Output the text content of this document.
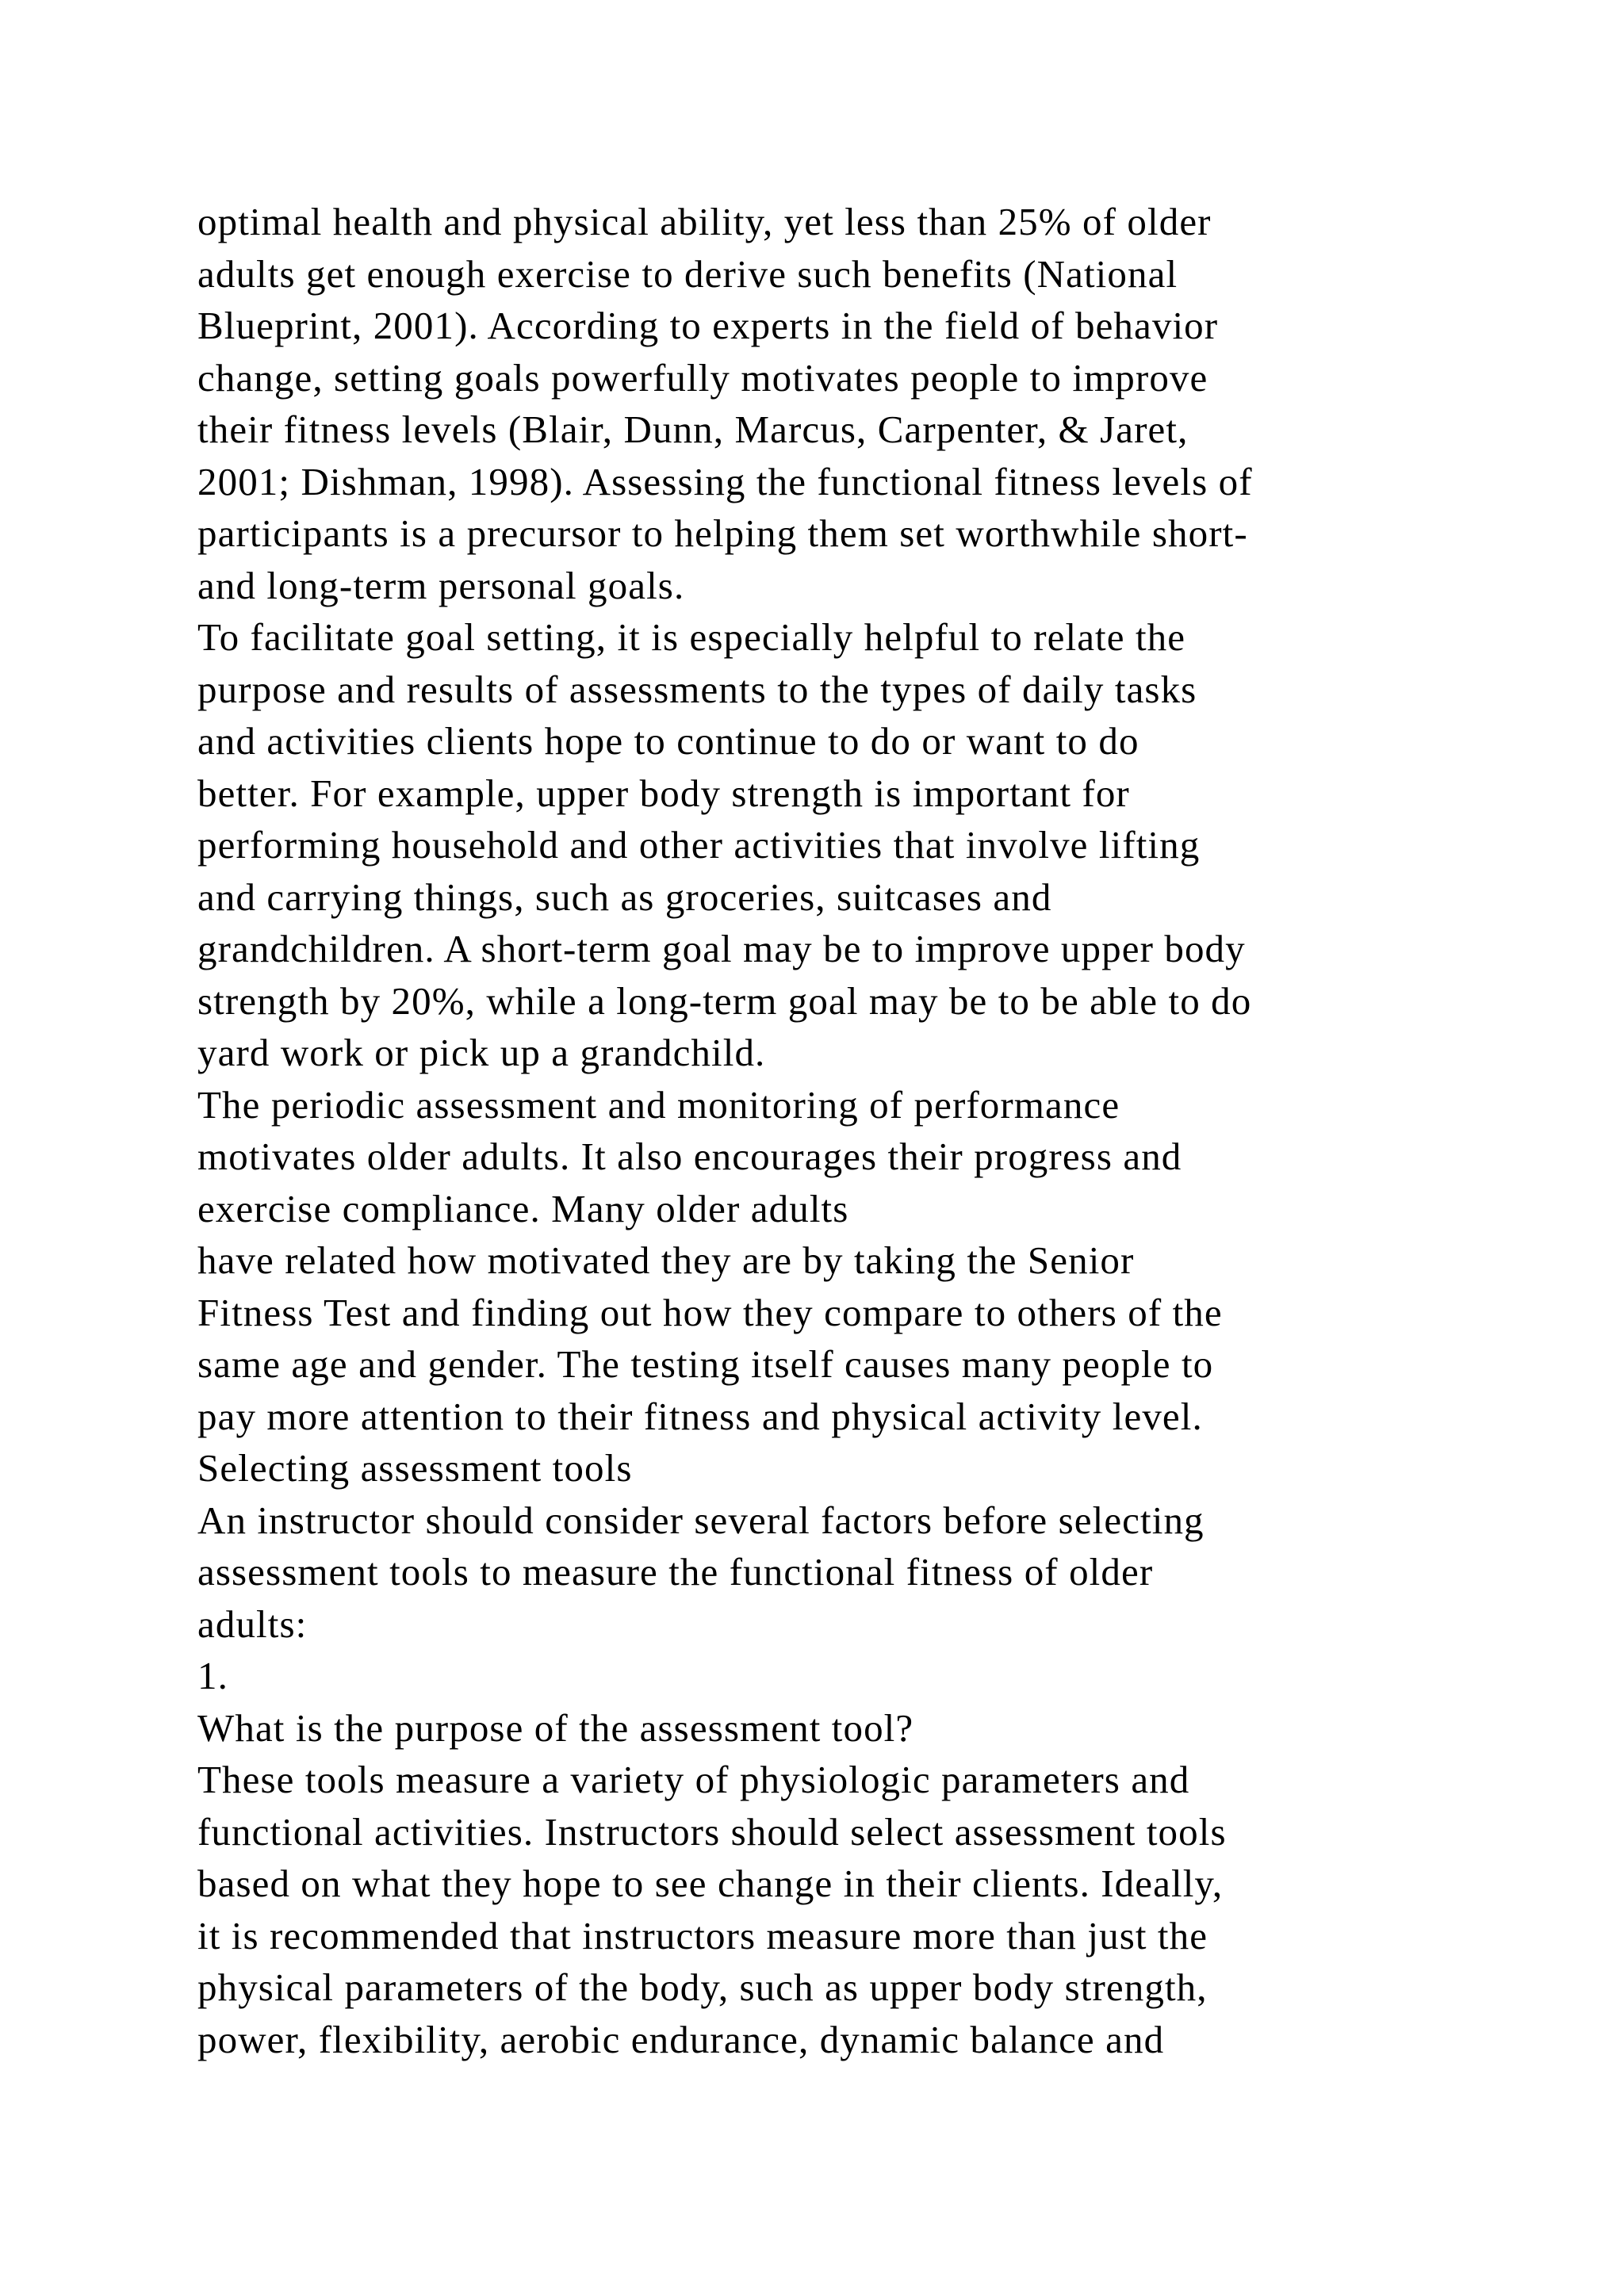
optimal health and physical ability, yet less than 25% of older
adults get enough exercise to derive such benefits (National
Blueprint, 2001). According to experts in the field of behavior
change, setting goals powerfully motivates people to improve
their fitness levels (Blair, Dunn, Marcus, Carpenter, & Jaret,
2001; Dishman, 1998). Assessing the functional fitness levels of
participants is a precursor to helping them set worthwhile short-
and long-term personal goals.
To facilitate goal setting, it is especially helpful to relate the
purpose and results of assessments to the types of daily tasks
and activities clients hope to continue to do or want to do
better. For example, upper body strength is important for
performing household and other activities that involve lifting
and carrying things, such as groceries, suitcases and
grandchildren. A short-term goal may be to improve upper body
strength by 20%, while a long-term goal may be to be able to do
yard work or pick up a grandchild.
The periodic assessment and monitoring of performance
motivates older adults. It also encourages their progress and
exercise compliance. Many older adults
have related how motivated they are by taking the Senior
Fitness Test and finding out how they compare to others of the
same age and gender. The testing itself causes many people to
pay more attention to their fitness and physical activity level.
Selecting assessment tools
An instructor should consider several factors before selecting
assessment tools to measure the functional fitness of older
adults:
1.
What is the purpose of the assessment tool?
These tools measure a variety of physiologic parameters and
functional activities. Instructors should select assessment tools
based on what they hope to see change in their clients. Ideally,
it is recommended that instructors measure more than just the
physical parameters of the body, such as upper body strength,
power, flexibility, aerobic endurance, dynamic balance and
